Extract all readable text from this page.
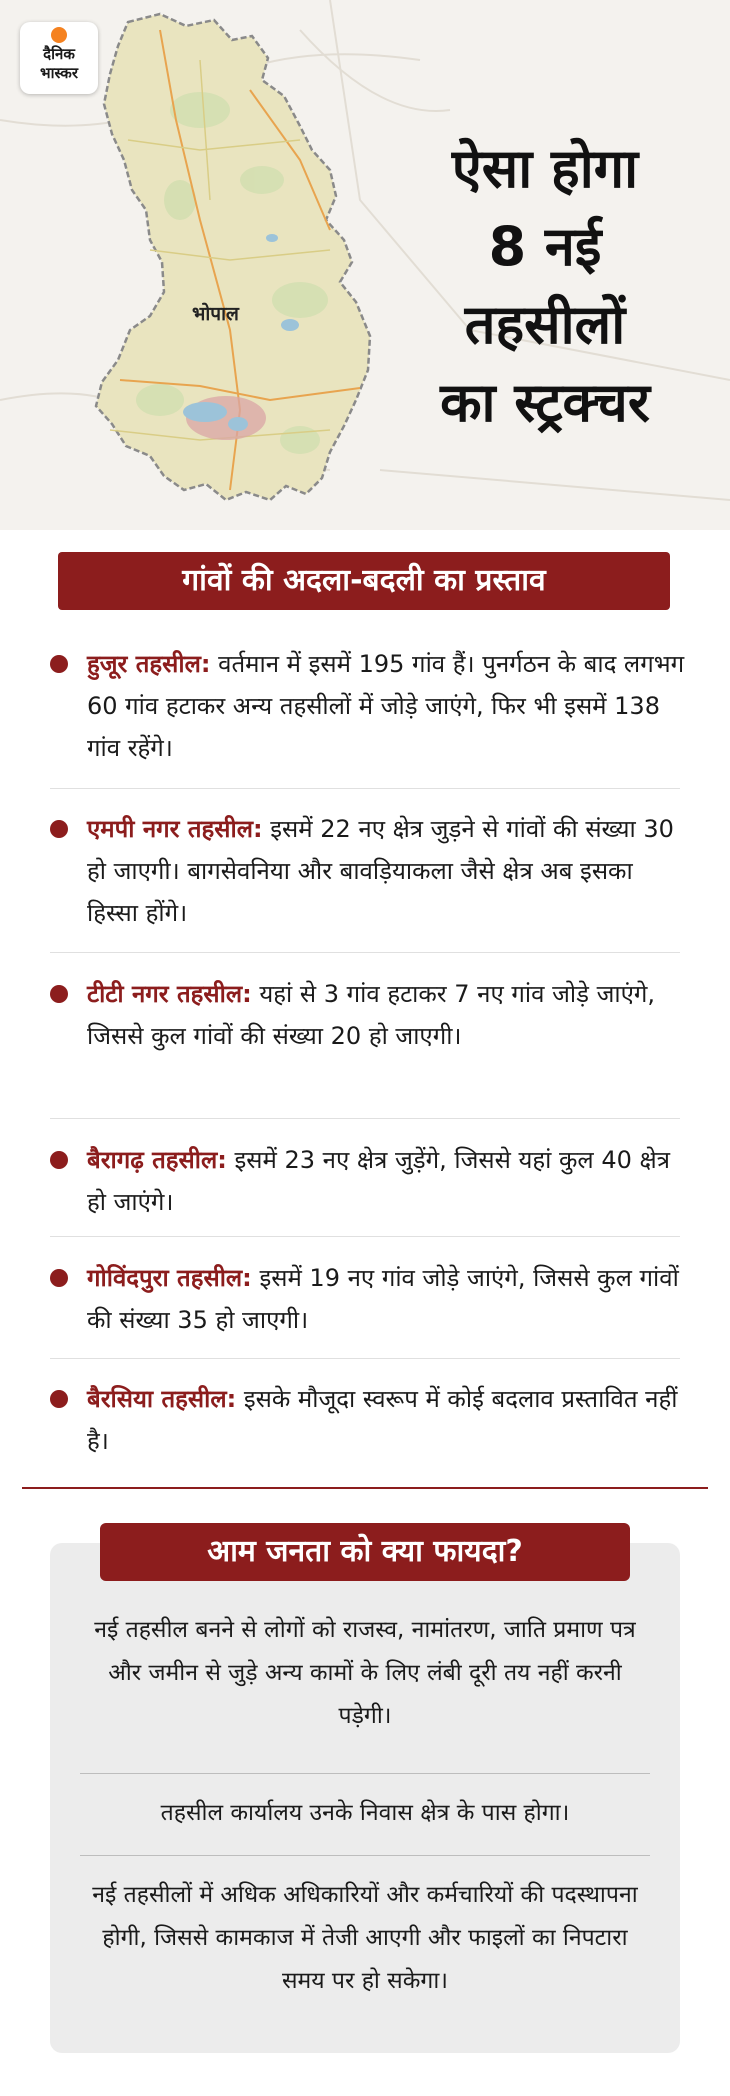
दैनिक
भास्कर
भोपाल
ऐसा होगा
8 नई
तहसीलों
का स्ट्रक्चर
गांवों की अदला-बदली का प्रस्ताव
हुजूर तहसील: वर्तमान में इसमें 195 गांव हैं। पुनर्गठन के बाद लगभग 60 गांव हटाकर अन्य तहसीलों में जोड़े जाएंगे, फिर भी इसमें 138 गांव रहेंगे।
एमपी नगर तहसील: इसमें 22 नए क्षेत्र जुड़ने से गांवों की संख्या 30 हो जाएगी। बागसेवनिया और बावड़ियाकला जैसे क्षेत्र अब इसका हिस्सा होंगे।
टीटी नगर तहसील: यहां से 3 गांव हटाकर 7 नए गांव जोड़े जाएंगे, जिससे कुल गांवों की संख्या 20 हो जाएगी।
बैरागढ़ तहसील: इसमें 23 नए क्षेत्र जुड़ेंगे, जिससे यहां कुल 40 क्षेत्र हो जाएंगे।
गोविंदपुरा तहसील: इसमें 19 नए गांव जोड़े जाएंगे, जिससे कुल गांवों की संख्या 35 हो जाएगी।
बैरसिया तहसील: इसके मौजूदा स्वरूप में कोई बदलाव प्रस्तावित नहीं है।
आम जनता को क्या फायदा?
नई तहसील बनने से लोगों को राजस्व, नामांतरण, जाति प्रमाण पत्र और जमीन से जुड़े अन्य कामों के लिए लंबी दूरी तय नहीं करनी पड़ेगी।
तहसील कार्यालय उनके निवास क्षेत्र के पास होगा।
नई तहसीलों में अधिक अधिकारियों और कर्मचारियों की पदस्थापना होगी, जिससे कामकाज में तेजी आएगी और फाइलों का निपटारा समय पर हो सकेगा।
